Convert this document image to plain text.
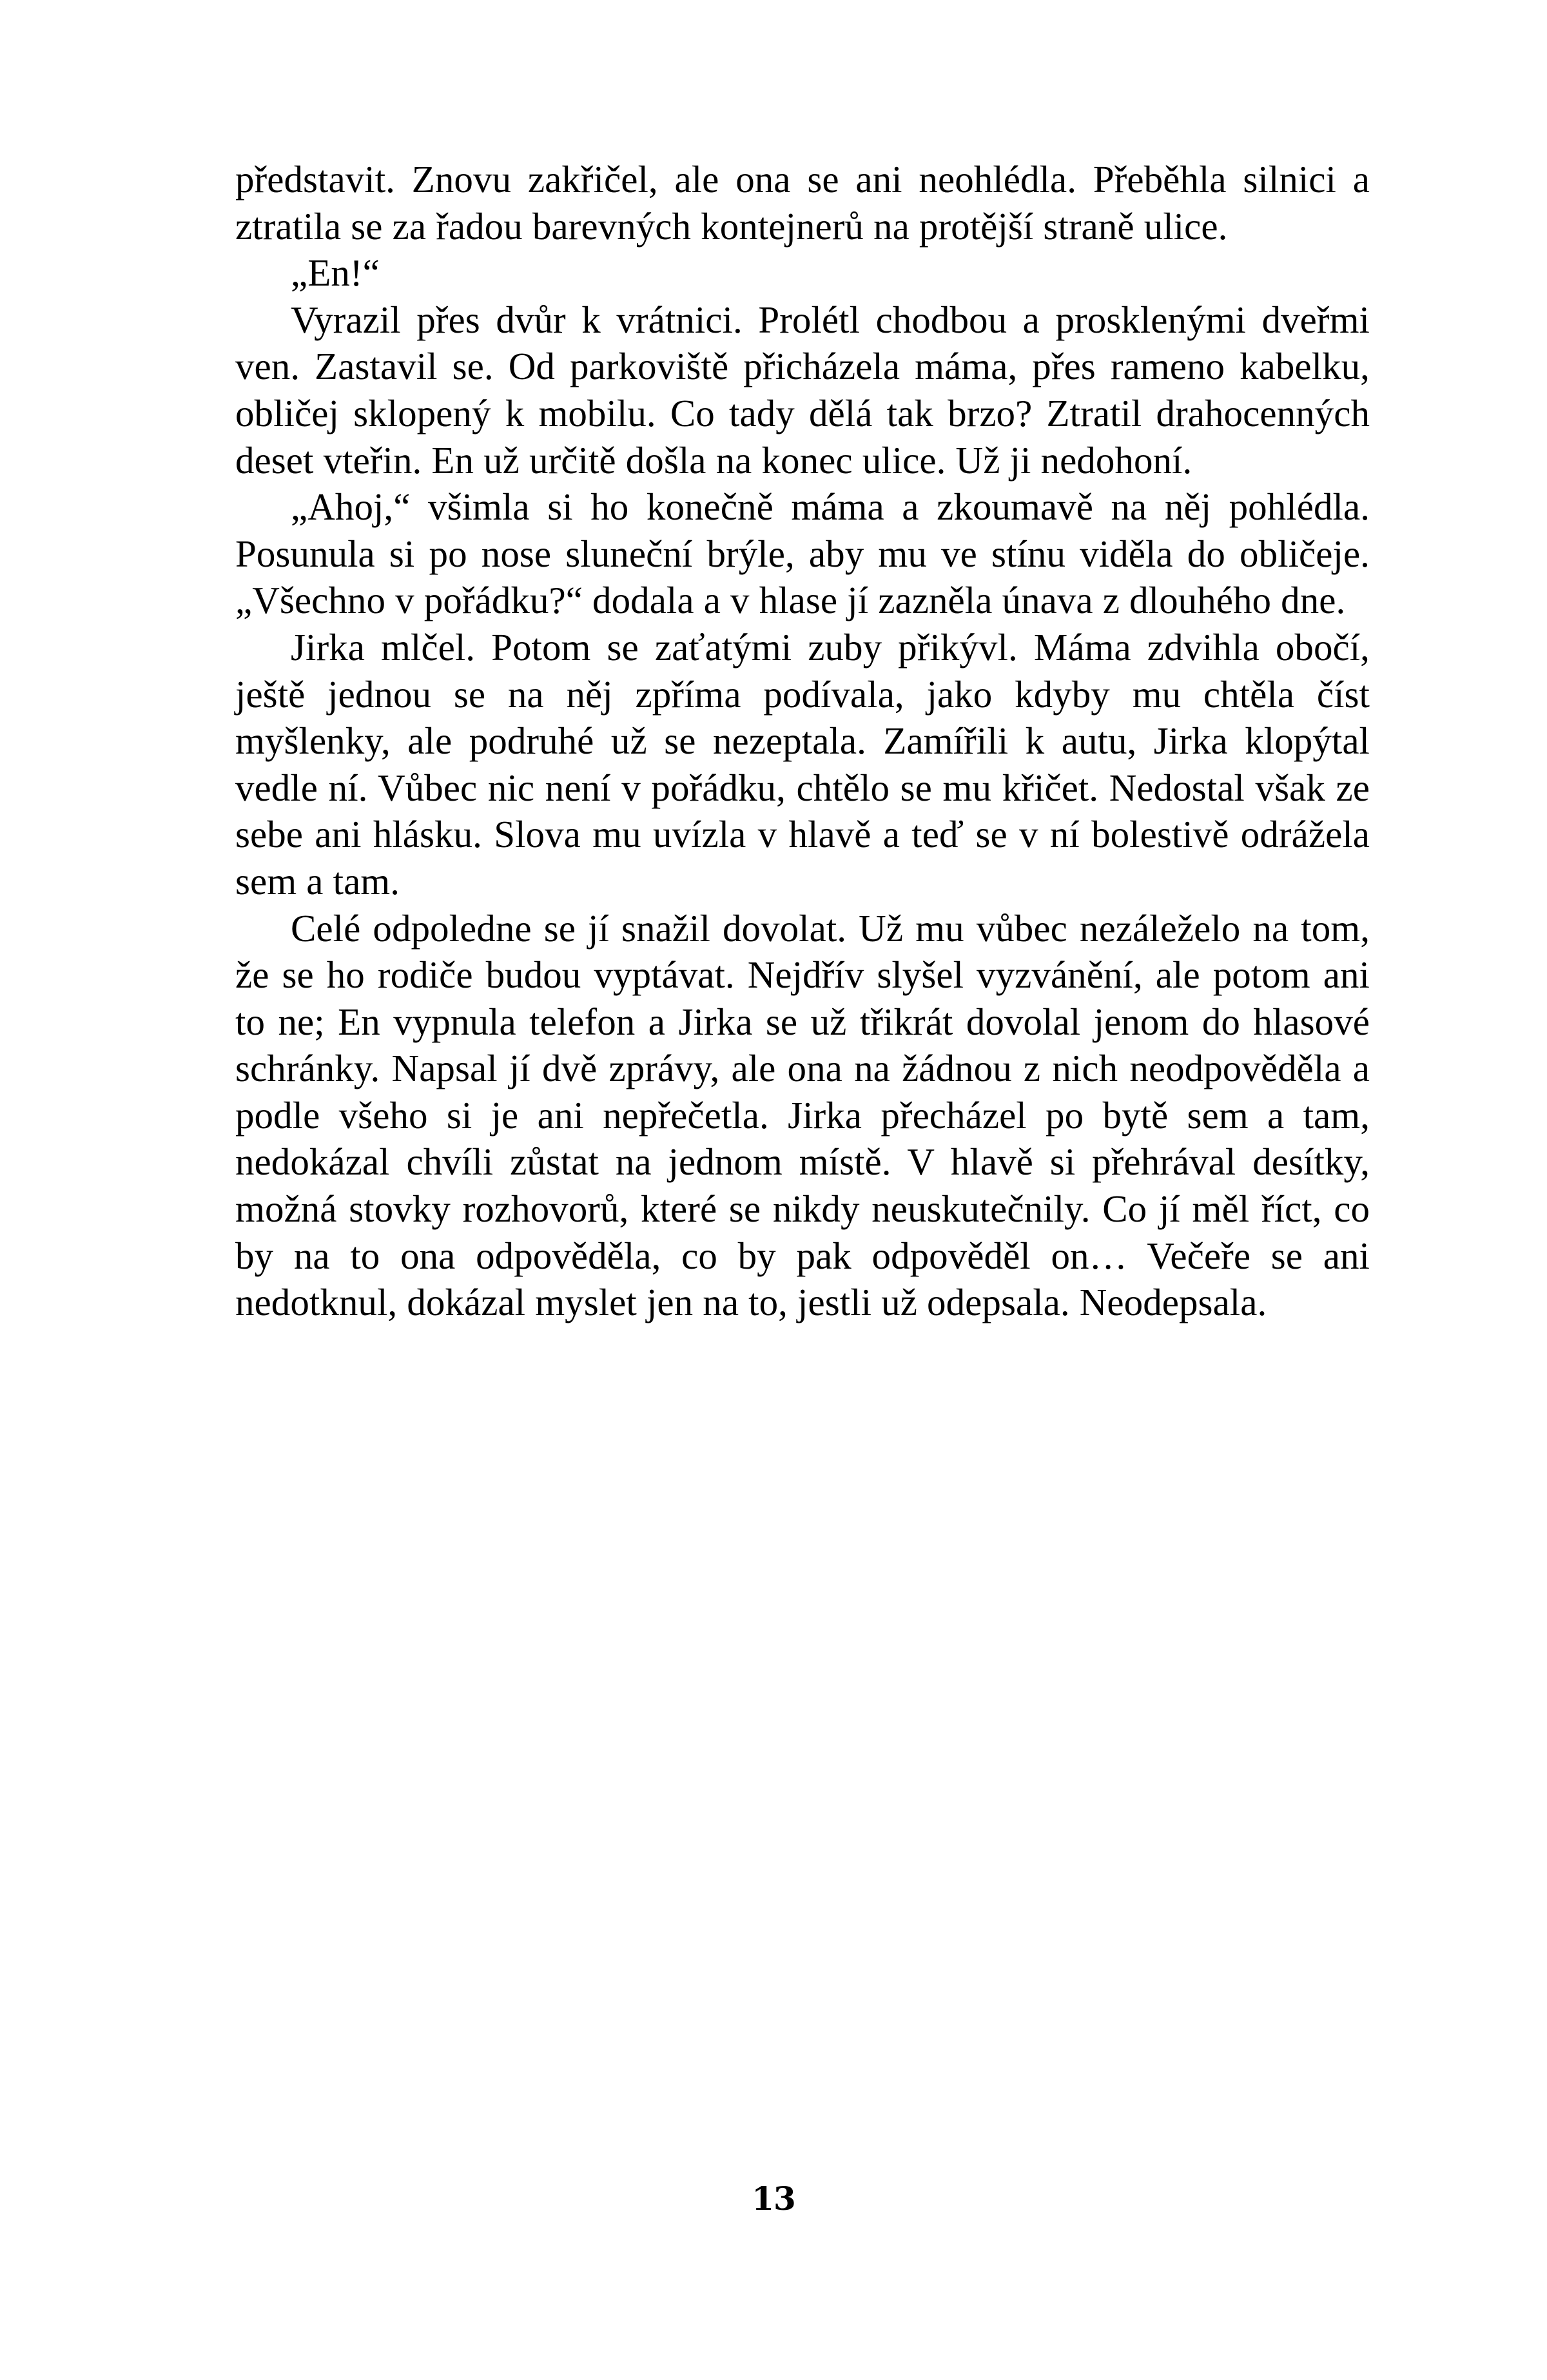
představit. Znovu zakřičel, ale ona se ani neohlédla. Přeběhla silnici a ztratila se za řadou barevných kontejnerů na protější straně ulice.

„En!“

Vyrazil přes dvůr k vrátnici. Prolétl chodbou a prosklenými dveřmi ven. Zastavil se. Od parkoviště přicházela máma, přes rameno kabelku, obličej sklopený k mobilu. Co tady dělá tak brzo? Ztratil drahocenných deset vteřin. En už určitě došla na konec ulice. Už ji nedohoní.

„Ahoj,“ všimla si ho konečně máma a zkoumavě na něj pohlédla. Posunula si po nose sluneční brýle, aby mu ve stínu viděla do obličeje. „Všechno v pořádku?“ dodala a v hlase jí zazněla únava z dlouhého dne.

Jirka mlčel. Potom se zaťatými zuby přikývl. Máma zdvihla obočí, ještě jednou se na něj zpříma podívala, jako kdyby mu chtěla číst myšlenky, ale podruhé už se nezeptala. Zamířili k autu, Jirka klopýtal vedle ní. Vůbec nic není v pořádku, chtělo se mu křičet. Nedostal však ze sebe ani hlásku. Slova mu uvízla v hlavě a teď se v ní bolestivě odrážela sem a tam.

Celé odpoledne se jí snažil dovolat. Už mu vůbec nezáleželo na tom, že se ho rodiče budou vyptávat. Nejdřív slyšel vyzvánění, ale potom ani to ne; En vypnula telefon a Jirka se už třikrát dovolal jenom do hlasové schránky. Napsal jí dvě zprávy, ale ona na žádnou z nich neodpověděla a podle všeho si je ani nepřečetla. Jirka přecházel po bytě sem a tam, nedokázal chvíli zůstat na jednom místě. V hlavě si přehrával desítky, možná stovky rozhovorů, které se nikdy neuskutečnily. Co jí měl říct, co by na to ona odpověděla, co by pak odpověděl on… Večeře se ani nedotknul, dokázal myslet jen na to, jestli už odepsala. Neodepsala.

13
